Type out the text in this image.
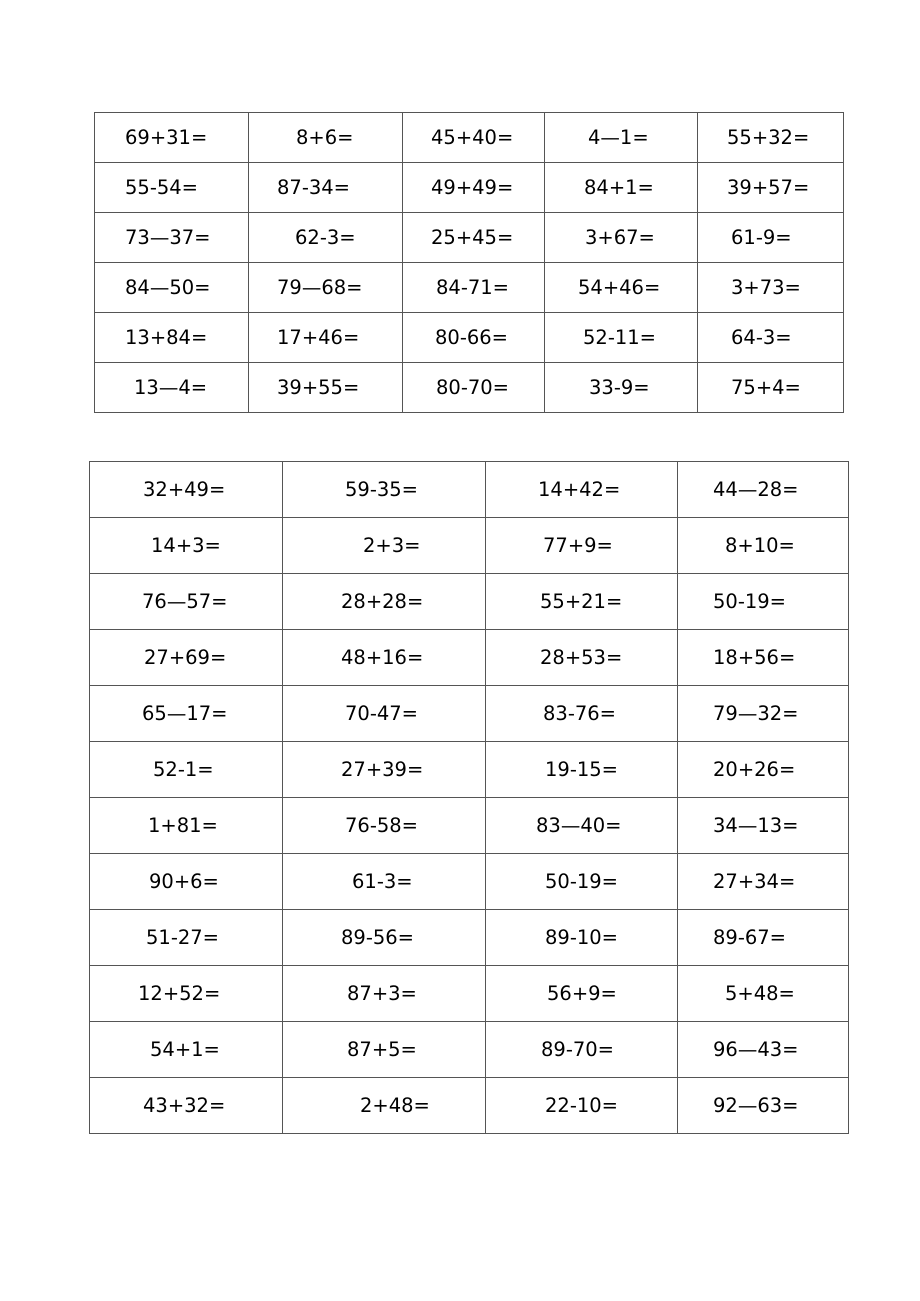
69+31=	8+6=	45+40=	4—1=	55+32=
55-54=	87-34=	49+49=	84+1=	39+57=
73—37=	62-3=	25+45=	3+67=	61-9=
84—50=	79—68=	84-71=	54+46=	3+73=
13+84=	17+46=	80-66=	52-11=	64-3=
13—4=	39+55=	80-70=	33-9=	75+4=
32+49=	59-35=	14+42=	44—28=
14+3=	2+3=	77+9=	8+10=
76—57=	28+28=	55+21=	50-19=
27+69=	48+16=	28+53=	18+56=
65—17=	70-47=	83-76=	79—32=
52-1=	27+39=	19-15=	20+26=
1+81=	76-58=	83—40=	34—13=
90+6=	61-3=	50-19=	27+34=
51-27=	89-56=	89-10=	89-67=
12+52=	87+3=	56+9=	5+48=
54+1=	87+5=	89-70=	96—43=
43+32=	2+48=	22-10=	92—63=
